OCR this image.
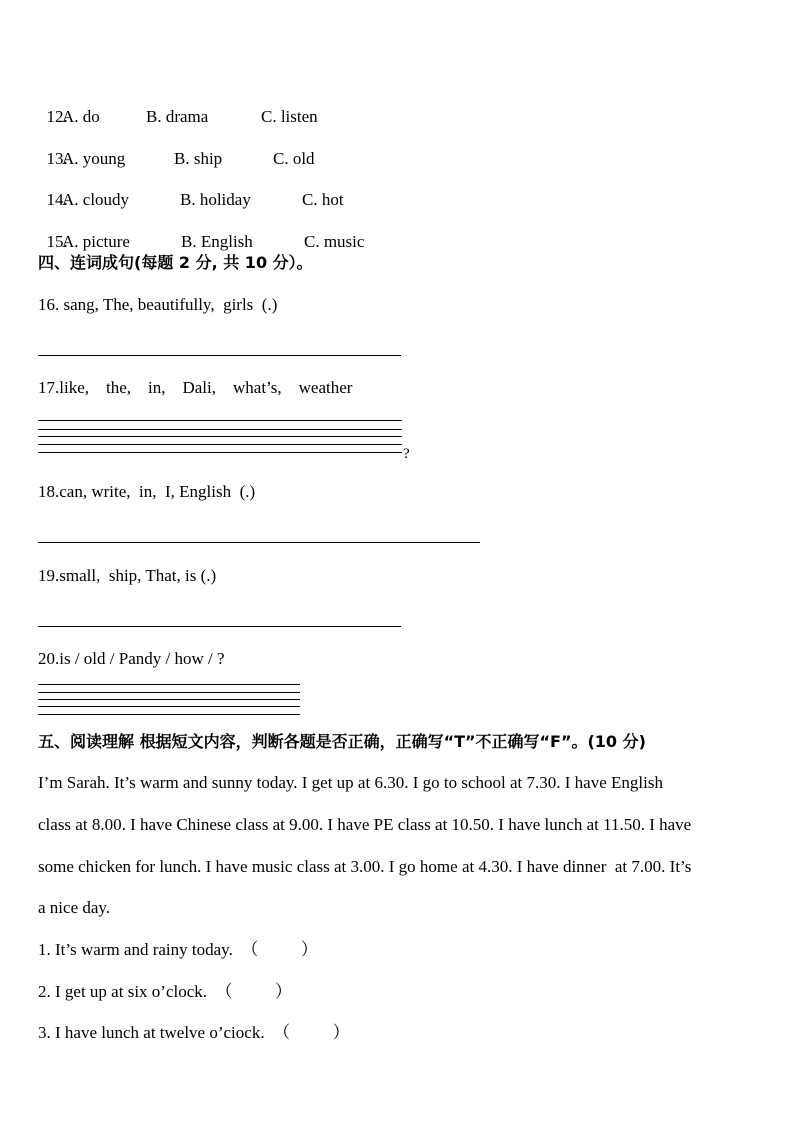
12.
A. do	B. drama	C. listen

13.
A. young	B. ship	C. old

14.
A. cloudy	B. holiday	C. hot

15.
A. picture	B. English	C. music

四、连词成句(每题 2 分, 共 10 分）。
16. sang, The, beautifully,  girls  (.)
17.like,    the,    in,    Dali,    what’s,    weather
?
18.can, write,  in,  I, English  (.)
19.small,  ship, That, is (.)
20.is / old / Pandy / how / ?
五、阅读理解 根据短文内容，判断各题是否正确，正确写“T”不正确写“F”。(10 分)
I’m Sarah. It’s warm and sunny today. I get up at 6.30. I go to school at 7.30. I have English
class at 8.00. I have Chinese class at 9.00. I have PE class at 10.50. I have lunch at 11.50. I have
some chicken for lunch. I have music class at 3.00. I go home at 4.30. I have dinner  at 7.00. It’s
a nice day.
1. It’s warm and rainy today.  （          ）
2. I get up at six o’clock.  （          ）
3. I have lunch at twelve o’ciock.  （          ）
